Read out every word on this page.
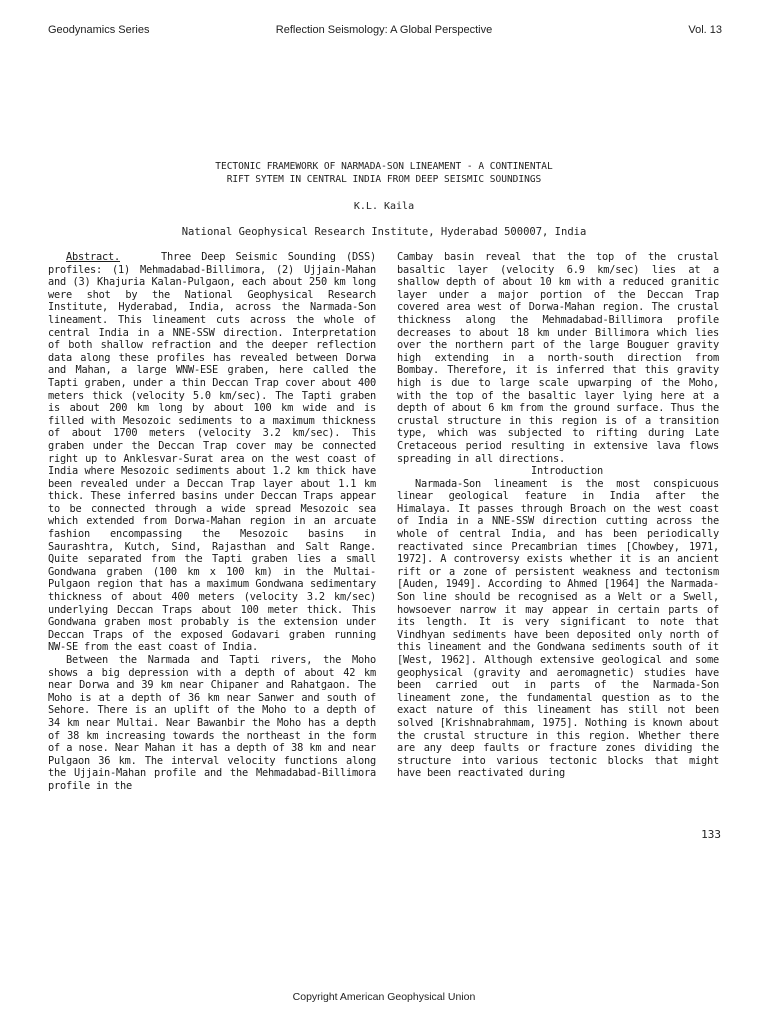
Geodynamics Series	Reflection Seismology: A Global Perspective	Vol. 13
TECTONIC FRAMEWORK OF NARMADA-SON LINEAMENT - A CONTINENTAL
RIFT SYTEM IN CENTRAL INDIA FROM DEEP SEISMIC SOUNDINGS
K.L. Kaila
National Geophysical Research Institute, Hyderabad 500007, India

Abstract.	Three Deep Seismic Sounding (DSS) profiles: (1) Mehmadabad-Billimora, (2) Ujjain-Mahan and (3) Khajuria Kalan-Pulgaon, each about 250 km long were shot by the National Geophysical Research Institute, Hyderabad, India, across the Narmada-Son lineament. This lineament cuts across the whole of central India in a NNE-SSW direction. Interpretation of both shallow refraction and the deeper reflection data along these profiles has revealed between Dorwa and Mahan, a large WNW-ESE graben, here called the Tapti graben, under a thin Deccan Trap cover about 400 meters thick (velocity 5.0 km/sec). The Tapti graben is about 200 km long by about 100 km wide and is filled with Mesozoic sediments to a maximum thickness of about 1700 meters (velocity 3.2 km/sec). This graben under the Deccan Trap cover may be connected right up to Anklesvar-Surat area on the west coast of India where Mesozoic sediments about 1.2 km thick have been revealed under a Deccan Trap layer about 1.1 km thick. These inferred basins under Deccan Traps appear to be connected through a wide spread Mesozoic sea which extended from Dorwa-Mahan region in an arcuate fashion encompassing the Mesozoic basins in Saurashtra, Kutch, Sind, Rajasthan and Salt Range. Quite separated from the Tapti graben lies a small Gondwana graben (100 km x 100 km) in the Multai-Pulgaon region that has a maximum Gondwana sedimentary thickness of about 400 meters (velocity 3.2 km/sec) underlying Deccan Traps about 100 meter thick. This Gondwana graben most probably is the extension under Deccan Traps of the exposed Godavari graben running NW-SE from the east coast of India.

Between the Narmada and Tapti rivers, the Moho shows a big depression with a depth of about 42 km near Dorwa and 39 km near Chipaner and Rahatgaon. The Moho is at a depth of 36 km near Sanwer and south of Sehore. There is an uplift of the Moho to a depth of 34 km near Multai. Near Bawanbir the Moho has a depth of 38 km increasing towards the northeast in the form of a nose. Near Mahan it has a depth of 38 km and near Pulgaon 36 km. The interval velocity functions along the Ujjain-Mahan profile and the Mehmadabad-Billimora profile in the

Cambay basin reveal that the top of the crustal basaltic layer (velocity 6.9 km/sec) lies at a shallow depth of about 10 km with a reduced granitic layer under a major portion of the Deccan Trap covered area west of Dorwa-Mahan region. The crustal thickness along the Mehmadabad-Billimora profile decreases to about 18 km under Billimora which lies over the northern part of the large Bouguer gravity high extending in a north-south direction from Bombay. Therefore, it is inferred that this gravity high is due to large scale upwarping of the Moho, with the top of the basaltic layer lying here at a depth of about 6 km from the ground surface. Thus the crustal structure in this region is of a transition type, which was subjected to rifting during Late Cretaceous period resulting in extensive lava flows spreading in all directions.

Introduction

Narmada-Son lineament is the most conspicuous linear geological feature in India after the Himalaya. It passes through Broach on the west coast of India in a NNE-SSW direction cutting across the whole of central India, and has been periodically reactivated since Precambrian times [Chowbey, 1971, 1972]. A controversy exists whether it is an ancient rift or a zone of persistent weakness and tectonism [Auden, 1949]. According to Ahmed [1964] the Narmada-Son line should be recognised as a Welt or a Swell, howsoever narrow it may appear in certain parts of its length. It is very significant to note that Vindhyan sediments have been deposited only north of this lineament and the Gondwana sediments south of it [West, 1962]. Although extensive geological and some geophysical (gravity and aeromagnetic) studies have been carried out in parts of the Narmada-Son lineament zone, the fundamental question as to the exact nature of this lineament has still not been solved [Krishnabrahmam, 1975]. Nothing is known about the crustal structure in this region. Whether there are any deep faults or fracture zones dividing the structure into various tectonic blocks that might have been reactivated during

133
Copyright American Geophysical Union
